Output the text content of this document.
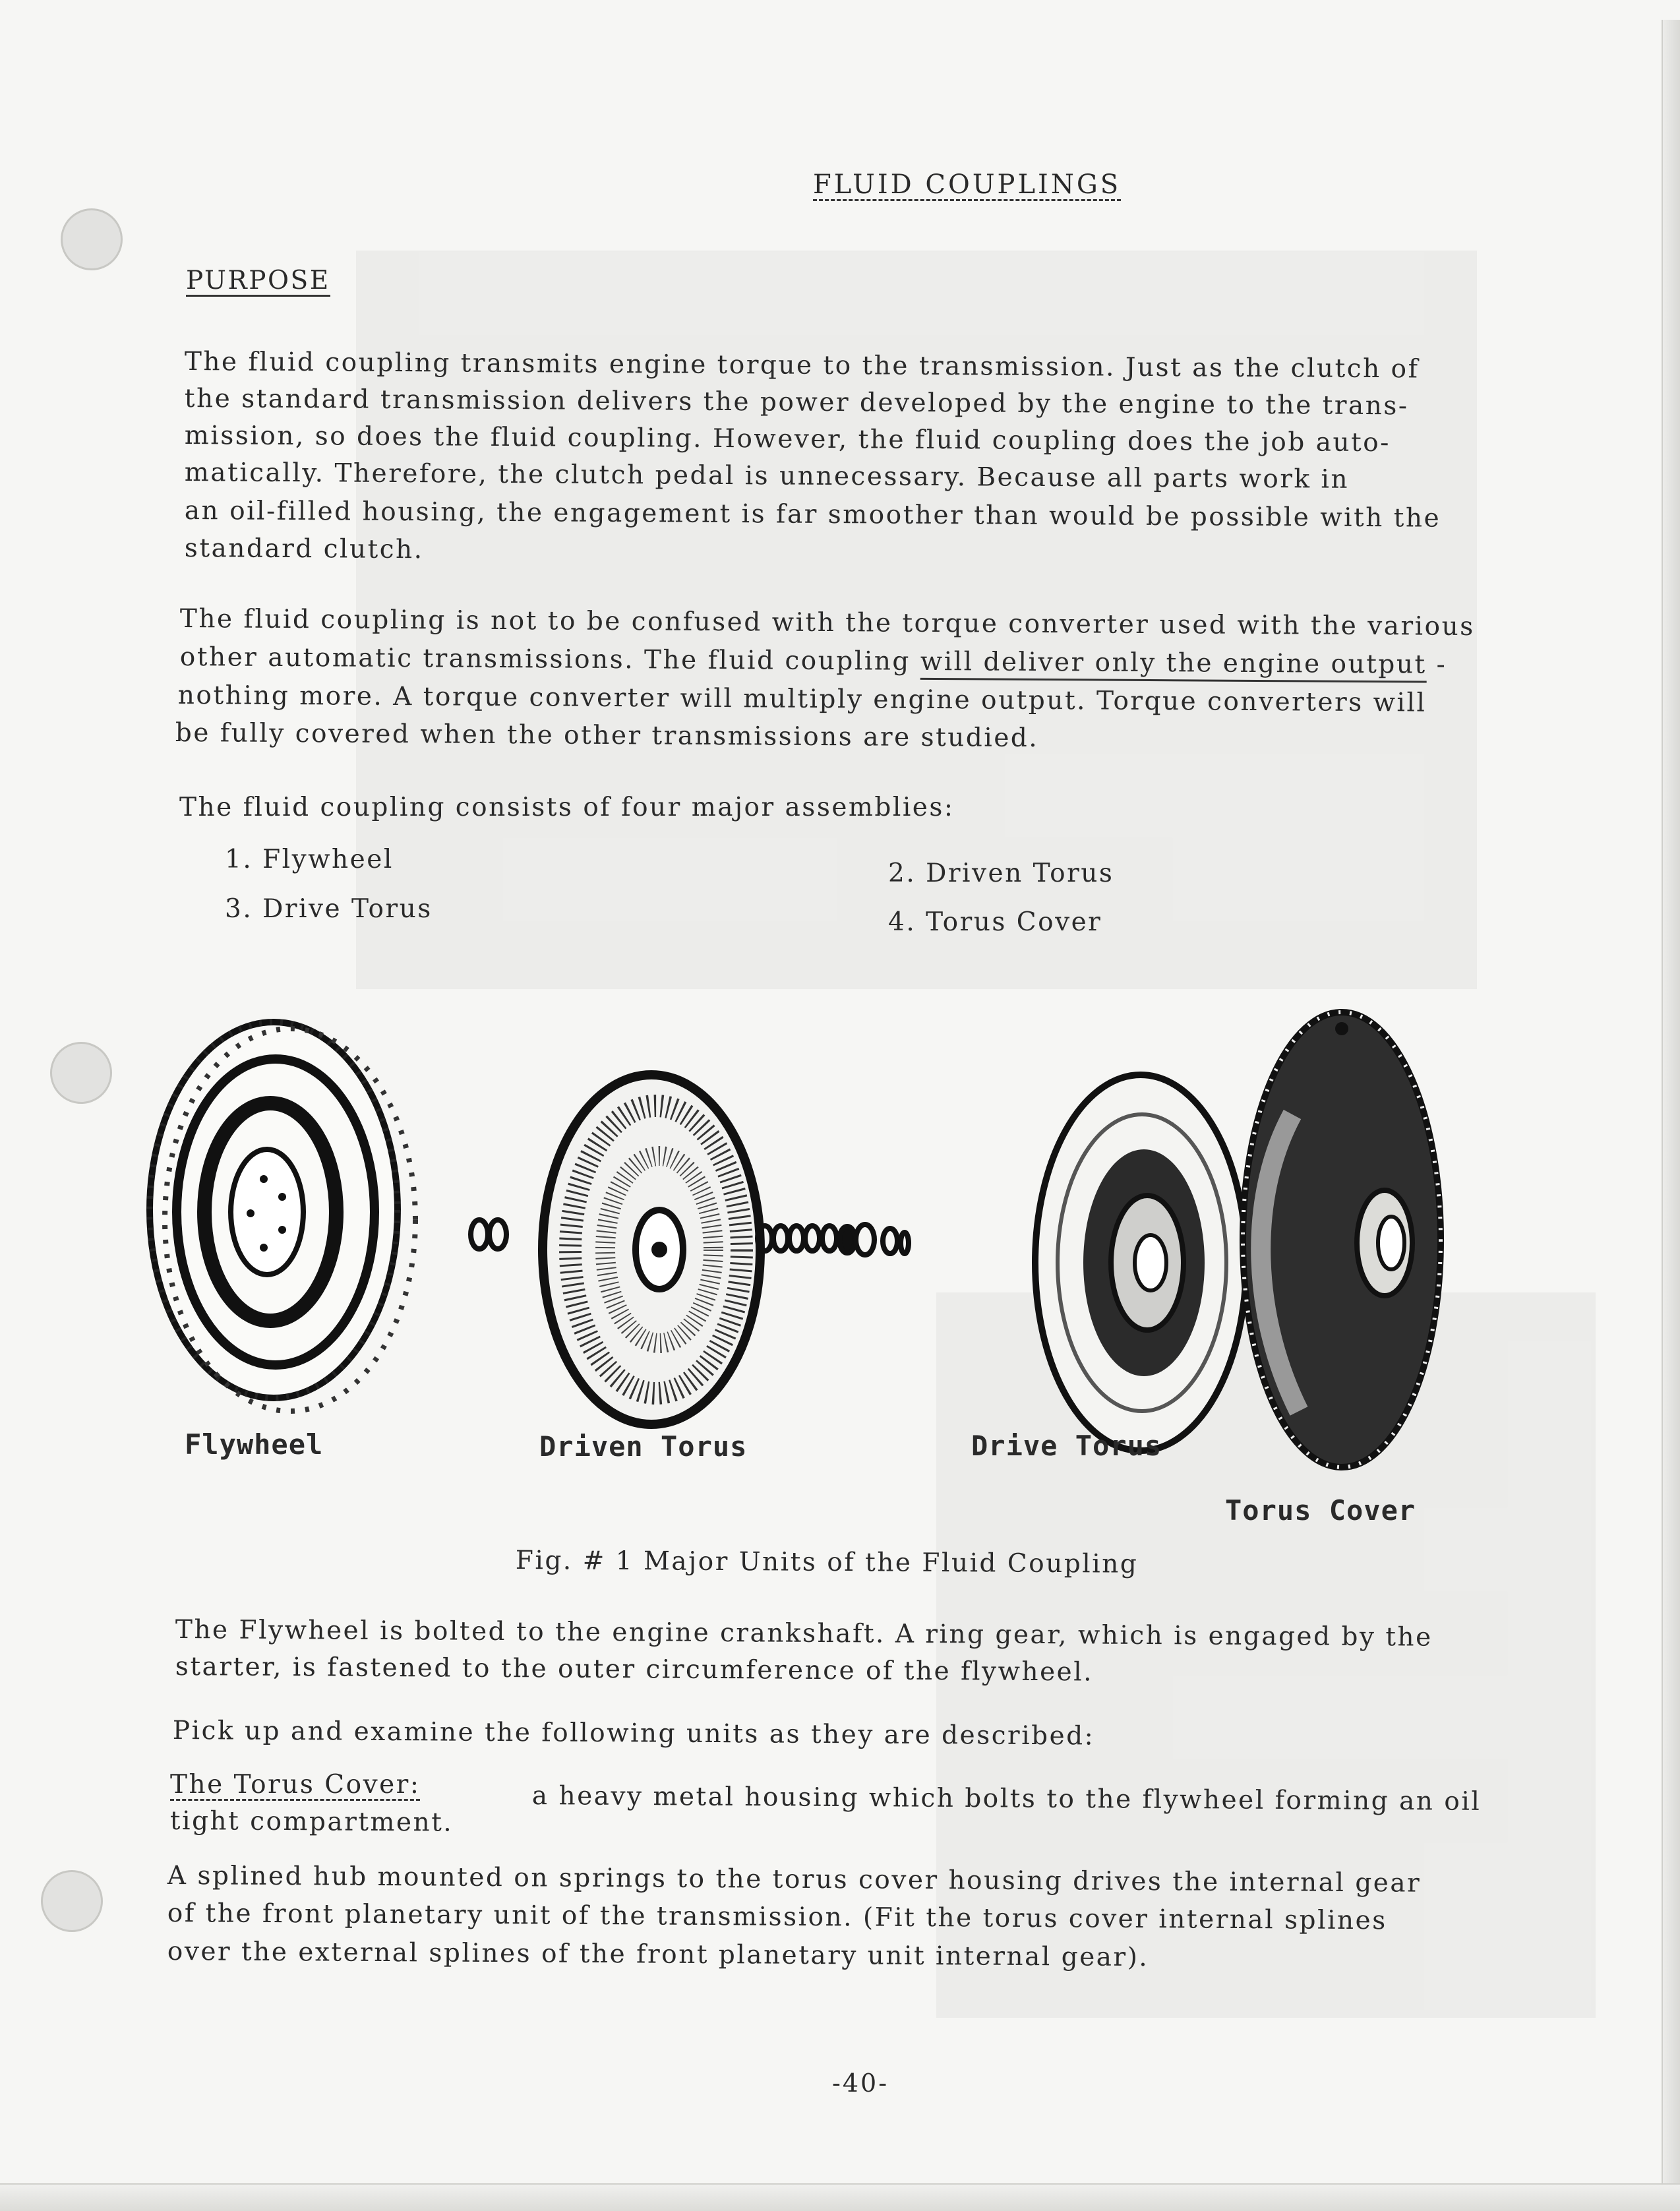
FLUID COUPLINGS
PURPOSE
The fluid coupling transmits engine torque to the transmission. Just as the clutch of
the standard transmission delivers the power developed by the engine to the trans-
mission, so does the fluid coupling. However, the fluid coupling does the job auto-
matically. Therefore, the clutch pedal is unnecessary. Because all parts work in
an oil-filled housing, the engagement is far smoother than would be possible with the
standard clutch.
The fluid coupling is not to be confused with the torque converter used with the various
other automatic transmissions. The fluid coupling will deliver only the engine output -
nothing more. A torque converter will multiply engine output. Torque converters will
be fully covered when the other transmissions are studied.
The fluid coupling consists of four major assemblies:
1. Flywheel	2. Driven Torus
3. Drive Torus	4. Torus Cover
Flywheel	Driven Torus	Drive Torus
Torus Cover
Fig. # 1 Major Units of the Fluid Coupling
The Flywheel is bolted to the engine crankshaft. A ring gear, which is engaged by the
starter, is fastened to the outer circumference of the flywheel.
Pick up and examine the following units as they are described:
The Torus Cover:	a heavy metal housing which bolts to the flywheel forming an oil
tight compartment.
A splined hub mounted on springs to the torus cover housing drives the internal gear
of the front planetary unit of the transmission. (Fit the torus cover internal splines
over the external splines of the front planetary unit internal gear).
-40-
